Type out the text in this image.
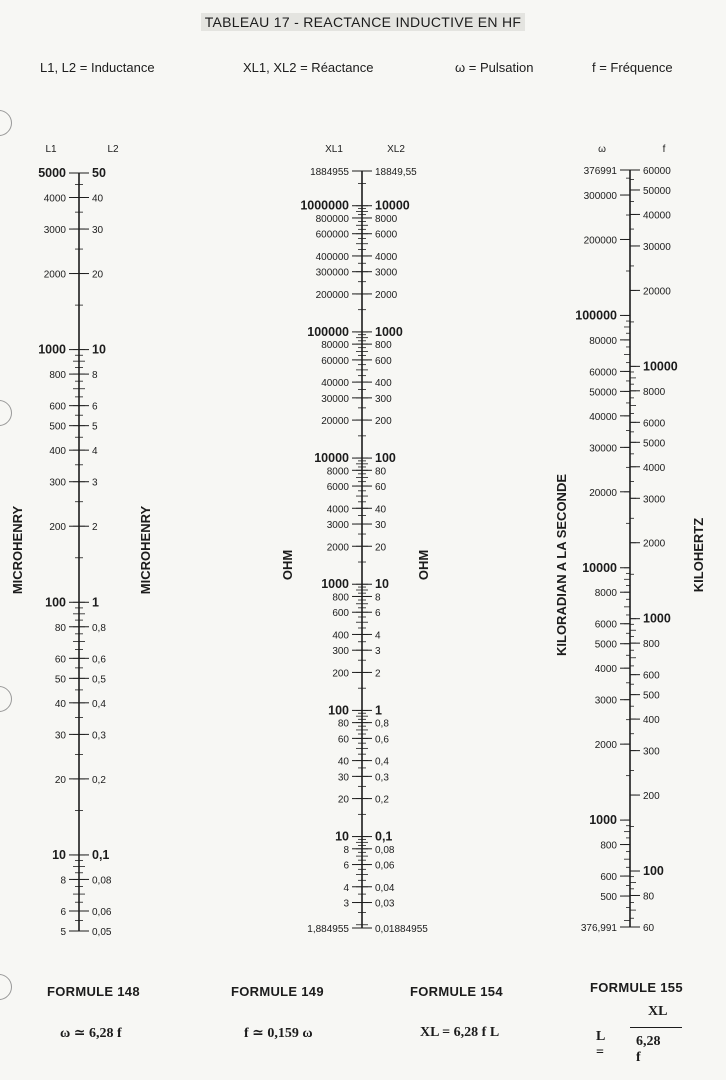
TABLEAU 17 - REACTANCE INDUCTIVE EN HF
L1, L2 = Inductance	XL1, XL2 = Réactance	ω = Pulsation	f = Fréquence
5000
4000
3000
2000
1000
800
600
500
400
300
200
100
80
60
50
40
30
20
10
8
6
5
50
40
30
20
10
8
6
5
4
3
2
1
0,8
0,6
0,5
0,4
0,3
0,2
0,1
0,08
0,06
0,05
L1	L2
MICROHENRY	MICROHENRY
1884955
1000000
800000
600000
400000
300000
200000
100000
80000
60000
40000
30000
20000
10000
8000
6000
4000
3000
2000
1000
800
600
400
300
200
100
80
60
40
30
20
10
8
6
4
3
1,884955
18849,55
10000
8000
6000
4000
3000
2000
1000
800
600
400
300
200
100
80
60
40
30
20
10
8
6
4
3
2
1
0,8
0,6
0,4
0,3
0,2
0,1
0,08
0,06
0,04
0,03
0,01884955
XL1	XL2
OHM	OHM
376991
300000
200000
100000
80000
60000
50000
40000
30000
20000
10000
8000
6000
5000
4000
3000
2000
1000
800
600
500
376,991
60000
50000
40000
30000
20000
10000
8000
6000
5000
4000
3000
2000
1000
800
600
500
400
300
200
100
80
60
ω	f
KILORADIAN A LA SECONDE	KILOHERTZ
FORMULE 148	FORMULE 149	FORMULE 154	FORMULE 155
ω ≃ 6,28 f	f ≃ 0,159 ω	XL = 6,28 f L	L =
XL
6,28 f
